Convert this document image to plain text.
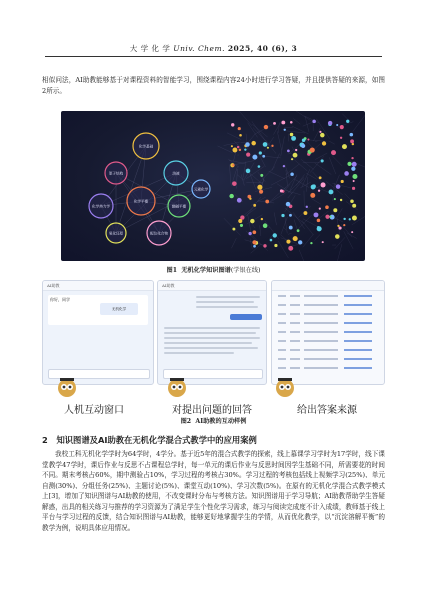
大 学 化 学 Univ. Chem. 2025, 40 (6), 3
相似问法，AI助教能够基于对课程资料的智能学习，围绕课程内容24小时进行学习答疑，并且提供答疑的来源，如图2所示。
化学基础
原子结构	溶液
化学热力学
化学平衡
酸碱平衡
氧化还原	配位化合物
元素化学
图1 无机化学知识图谱(学银在线)
AI助教
你好，同学
无机化学
AI助教
人机互动窗口	对提出问题的回答	给出答案来源
图2 AI助教的互动样例
2 知识图谱及AI助教在无机化学混合式教学中的应用案例
我校工科无机化学学时为64学时，4学分。基于近5年的混合式教学的探索，线上慕课学习学时为17学时，线下课堂教学47学时，课后作业与反思不占课程总学时，每一单元的课后作业与反思时间因学生基础不同，所需要花的时间不同。期末考核占60%，期中测验占10%，学习过程的考核占30%。学习过程的考核包括线上视频学习(25%)、单元自测(30%)、分组任务(25%)、主题讨论(5%)、课堂互动(10%)、学习次数(5%)。在原有的无机化学混合式教学模式上[3]，增加了知识图谱与AI助教的使用，不改变课时分布与考核方法。知识图谱用于学习导航；AI助教帮助学生答疑解惑，出具的相关练习与推荐的学习资源为了满足学生个性化学习需求，练习与阅读完成度不计入成绩，教师基于线上平台与学习过程的反馈，结合知识图谱与AI助教，能够更好地掌握学生的学情，从而优化教学，以“沉淀溶解平衡”的教学为例，说明具体应用情况。
